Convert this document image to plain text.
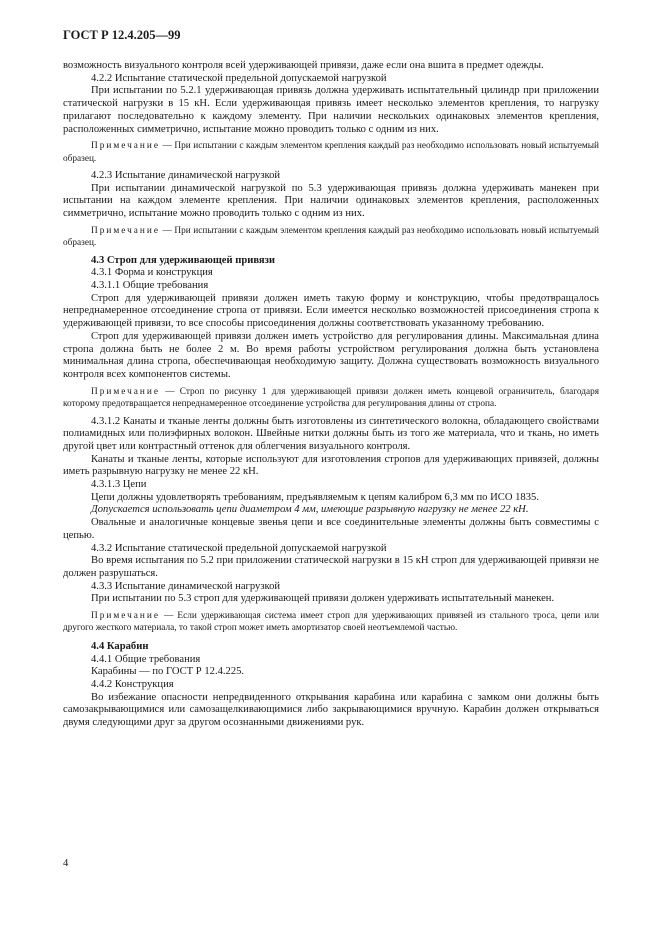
ГОСТ Р 12.4.205—99

возможность визуального контроля всей удерживающей привязи, даже если она вшита в предмет одежды.

4.2.2 Испытание статической предельной допускаемой нагрузкой

При испытании по 5.2.1 удерживающая привязь должна удерживать испытательный цилиндр при приложении статической нагрузки в 15 кН. Если удерживающая привязь имеет несколько элементов крепления, то нагрузку прилагают последовательно к каждому элементу. При наличии нескольких одинаковых элементов крепления, расположенных симметрично, испытание можно проводить только с одним из них.

Примечание — При испытании с каждым элементом крепления каждый раз необходимо использовать новый испытуемый образец.

4.2.3 Испытание динамической нагрузкой

При испытании динамической нагрузкой по 5.3 удерживающая привязь должна удерживать манекен при испытании на каждом элементе крепления. При наличии одинаковых элементов крепления, расположенных симметрично, испытание можно проводить только с одним из них.

Примечание — При испытании с каждым элементом крепления каждый раз необходимо использовать новый испытуемый образец.

4.3 Строп для удерживающей привязи

4.3.1 Форма и конструкция

4.3.1.1 Общие требования

Строп для удерживающей привязи должен иметь такую форму и конструкцию, чтобы предотвращалось непреднамеренное отсоединение стропа от привязи. Если имеется несколько возможностей присоединения стропа к удерживающей привязи, то все способы присоединения должны соответствовать указанному требованию.

Строп для удерживающей привязи должен иметь устройство для регулирования длины. Максимальная длина стропа должна быть не более 2 м. Во время работы устройством регулирования должна быть установлена минимальная длина стропа, обеспечивающая необходимую защиту. Должна существовать возможность визуального контроля всех компонентов системы.

Примечание — Строп по рисунку 1 для удерживающей привязи должен иметь концевой ограничитель, благодаря которому предотвращается непреднамеренное отсоединение устройства для регулирования длины от стропа.

4.3.1.2 Канаты и тканые ленты должны быть изготовлены из синтетического волокна, обладающего свойствами полиамидных или полиэфирных волокон. Швейные нитки должны быть из того же материала, что и ткань, но иметь другой цвет или контрастный оттенок для облегчения визуального контроля.

Канаты и тканые ленты, которые используют для изготовления стропов для удерживающих привязей, должны иметь разрывную нагрузку не менее 22 кН.

4.3.1.3 Цепи

Цепи должны удовлетворять требованиям, предъявляемым к цепям калибром 6,3 мм по ИСО 1835.

Допускается использовать цепи диаметром 4 мм, имеющие разрывную нагрузку не менее 22 кН.

Овальные и аналогичные концевые звенья цепи и все соединительные элементы должны быть совместимы с цепью.

4.3.2 Испытание статической предельной допускаемой нагрузкой

Во время испытания по 5.2 при приложении статической нагрузки в 15 кН строп для удерживающей привязи не должен разрушаться.

4.3.3 Испытание динамической нагрузкой

При испытании по 5.3 строп для удерживающей привязи должен удерживать испытательный манекен.

Примечание — Если удерживающая система имеет строп для удерживающих привязей из стального троса, цепи или другого жесткого материала, то такой строп может иметь амортизатор своей неотъемлемой частью.

4.4 Карабин

4.4.1 Общие требования

Карабины — по ГОСТ Р 12.4.225.

4.4.2 Конструкция

Во избежание опасности непредвиденного открывания карабина или карабина с замком они должны быть самозакрывающимися или самозащелкивающимися либо закрывающимися вручную. Карабин должен открываться двумя следующими друг за другом осознанными движениями рук.

4
